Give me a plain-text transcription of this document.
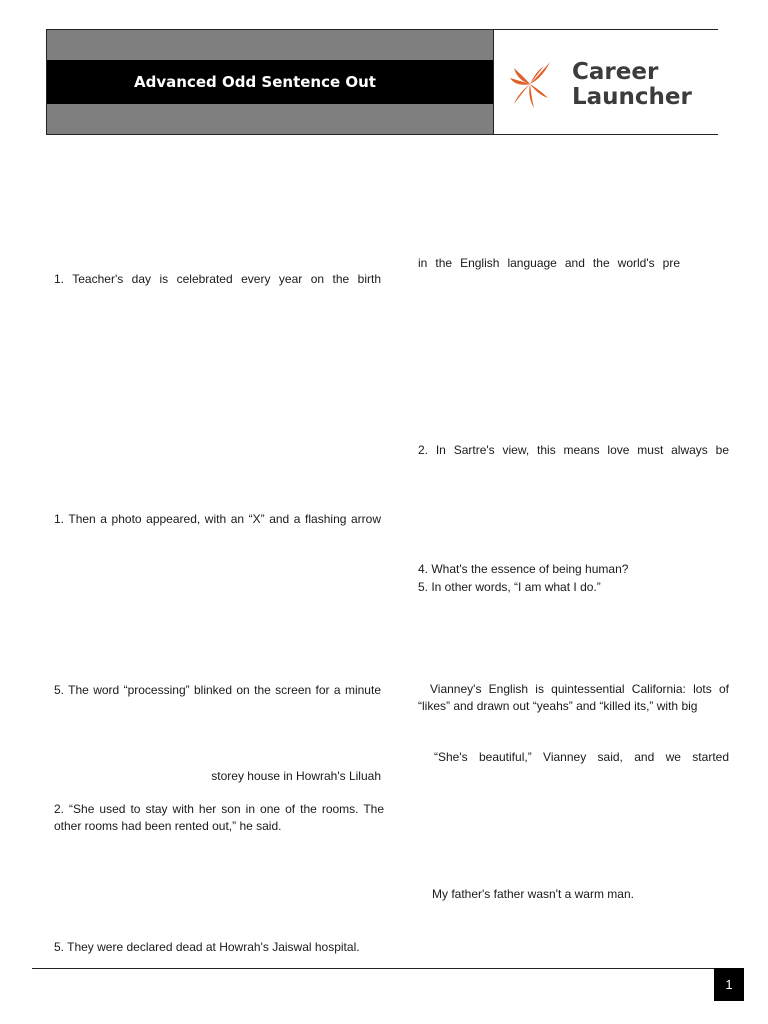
Advanced Odd Sentence Out	Career
Launcher
1. Teacher's day is celebrated every year on the birth
1. Then a photo appeared, with an “X” and a flashing arrow
5. The word “processing” blinked on the screen for a minute
storey house in Howrah's Liluah
2. “She used to stay with her son in one of the rooms. The other rooms had been rented out,” he said.
5. They were declared dead at Howrah's Jaiswal hospital.
in the English language and the world's pre
2. In Sartre's view, this means love must always be
4. What's the essence of being human?
5. In other words, “I am what I do.”
Vianney's English is quintessential California: lots of “likes” and drawn out “yeahs” and “killed its,” with big
“She's beautiful,” Vianney said, and we started
My father's father wasn't a warm man.
1
